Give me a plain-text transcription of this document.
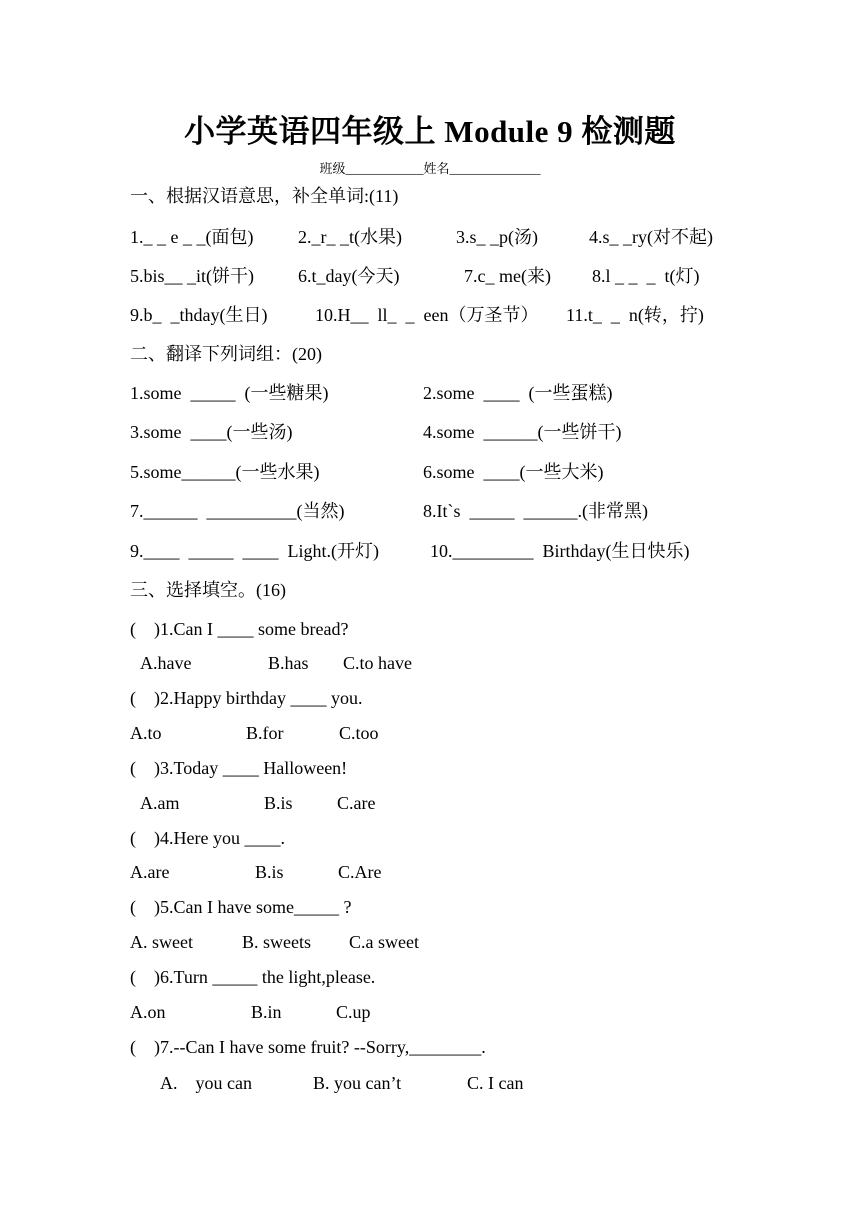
小学英语四年级上 Module 9 检测题
班级____________姓名______________
一、根据汉语意思，补全单词:(11)
1._ _ e _ _(面包) 2._r_ _t(水果)	3.s_ _p(汤)	4.s_ _ry(对不起)
5.bis__ _it(饼干) 6.t_day(今天)	7.c_ me(来) 8.l _ _  _  t(灯)
9.b_  _thday(生日)	10.H__  ll_  _  een（万圣节） 11.t_  _  n(转，拧)
二、翻译下列词组：(20)
1.some  _____  (一些糖果)	2.some  ____  (一些蛋糕)
3.some  ____(一些汤)	4.some  ______(一些饼干)
5.some______(一些水果)	6.some  ____(一些大米)
7.______  __________(当然)	8.It`s  _____  ______.(非常黑)
9.____  _____  ____  Light.(开灯)	10._________  Birthday(生日快乐)
三、选择填空。(16)
(    )1.Can I ____ some bread?
A.have	B.has C.to have
(    )2.Happy birthday ____ you.
A.to	B.for	C.too
(    )3.Today ____ Halloween!
A.am	B.is C.are
(    )4.Here you ____.
A.are	B.is	C.Are
(    )5.Can I have some_____ ?
A. sweet	B. sweets C.a sweet
(    )6.Turn _____ the light,please.
A.on	B.in	C.up
(    )7.--Can I have some fruit? --Sorry,________.
A.    you can	B. you can’t	C. I can
